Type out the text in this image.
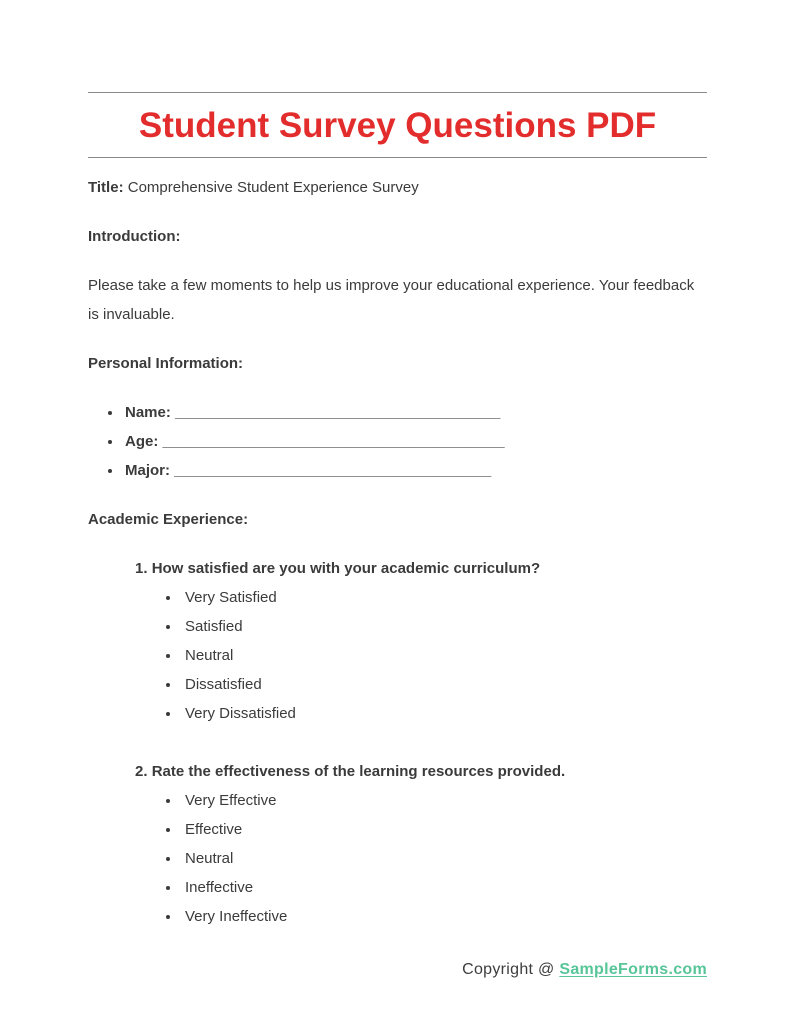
Student Survey Questions PDF

Title: Comprehensive Student Experience Survey

Introduction:

Please take a few moments to help us improve your educational experience. Your feedback is invaluable.

Personal Information:

• Name: _______________________________________
• Age: _________________________________________
• Major: ______________________________________

Academic Experience:

1. How satisfied are you with your academic curriculum?

• Very Satisfied
• Satisfied
• Neutral
• Dissatisfied
• Very Dissatisfied

2. Rate the effectiveness of the learning resources provided.

• Very Effective
• Effective
• Neutral
• Ineffective
• Very Ineffective
Copyright @ SampleForms.com
